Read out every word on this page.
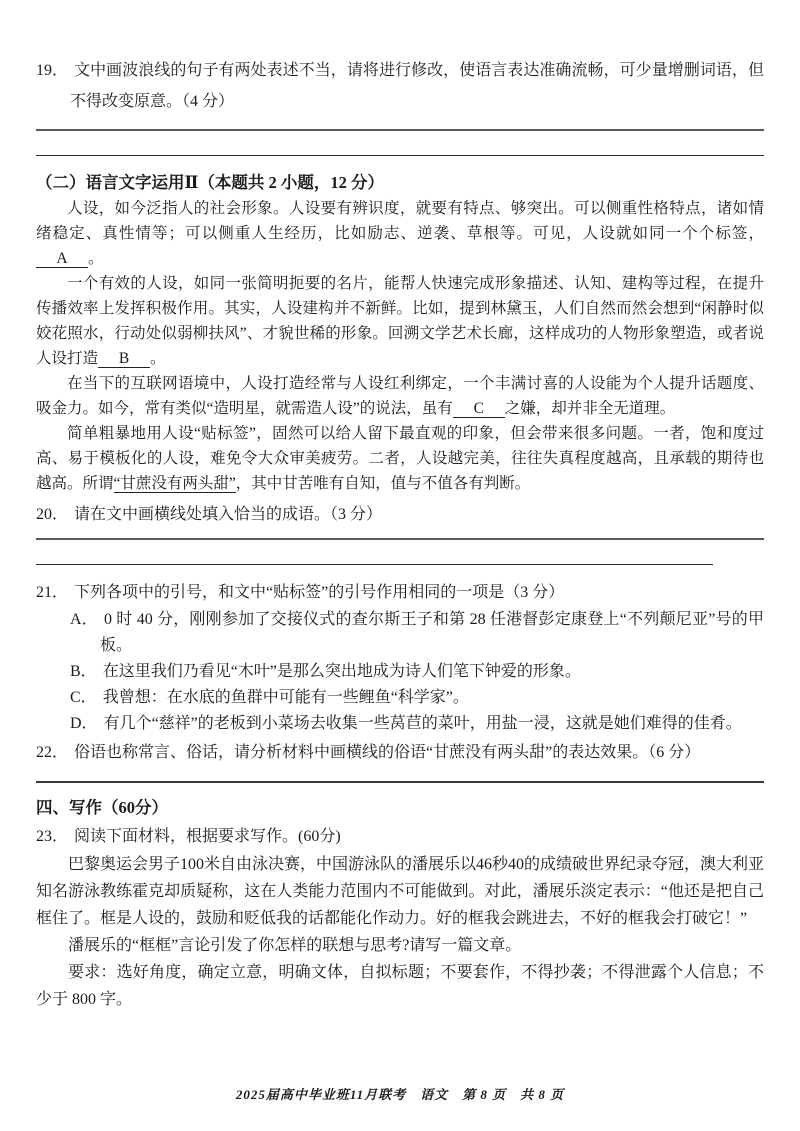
19． 文中画波浪线的句子有两处表述不当，请将进行修改，使语言表达准确流畅，可少量增删词语，但不得改变原意。（4 分）
（二）语言文字运用Ⅱ（本题共 2 小题，12 分）

人设，如今泛指人的社会形象。人设要有辨识度，就要有特点、够突出。可以侧重性格特点，诸如情绪稳定、真性情等；可以侧重人生经历，比如励志、逆袭、草根等。可见，人设就如同一个个标签，A 。

一个有效的人设，如同一张简明扼要的名片，能帮人快速完成形象描述、认知、建构等过程，在提升传播效率上发挥积极作用。其实，人设建构并不新鲜。比如，提到林黛玉，人们自然而然会想到“闲静时似姣花照水，行动处似弱柳扶风”、才貌世稀的形象。回溯文学艺术长廊，这样成功的人物形象塑造，或者说人设打造 B 。

在当下的互联网语境中，人设打造经常与人设红利绑定，一个丰满讨喜的人设能为个人提升话题度、吸金力。如今，常有类似“造明星，就需造人设”的说法，虽有 C 之嫌，却并非全无道理。

简单粗暴地用人设“贴标签”，固然可以给人留下最直观的印象，但会带来很多问题。一者，饱和度过高、易于模板化的人设，难免令大众审美疲劳。二者，人设越完美，往往失真程度越高，且承载的期待也越高。所谓“甘蔗没有两头甜”，其中甘苦唯有自知，值与不值各有判断。

20． 请在文中画横线处填入恰当的成语。（3 分）
21． 下列各项中的引号，和文中“贴标签”的引号作用相同的一项是（3 分）
A． 0 时 40 分，刚刚参加了交接仪式的查尔斯王子和第 28 任港督彭定康登上“不列颠尼亚”号的甲板。
B． 在这里我们乃看见“木叶”是那么突出地成为诗人们笔下钟爱的形象。
C． 我曾想：在水底的鱼群中可能有一些鲤鱼“科学家”。
D． 有几个“慈祥”的老板到小菜场去收集一些莴苣的菜叶，用盐一浸，这就是她们难得的佳肴。
22． 俗语也称常言、俗话，请分析材料中画横线的俗语“甘蔗没有两头甜”的表达效果。（6 分）
四、写作（60分）
23． 阅读下面材料，根据要求写作。(60分)

巴黎奥运会男子100米自由泳决赛，中国游泳队的潘展乐以46秒40的成绩破世界纪录夺冠，澳大利亚知名游泳教练霍克却质疑称，这在人类能力范围内不可能做到。对此，潘展乐淡定表示：“他还是把自己框住了。框是人设的，鼓励和贬低我的话都能化作动力。好的框我会跳进去，不好的框我会打破它！”

潘展乐的“框框”言论引发了你怎样的联想与思考?请写一篇文章。

要求：选好角度，确定立意，明确文体，自拟标题；不要套作，不得抄袭；不得泄露个人信息；不少于 800 字。

2025届高中毕业班11月联考　语文　第 8 页　共 8 页
